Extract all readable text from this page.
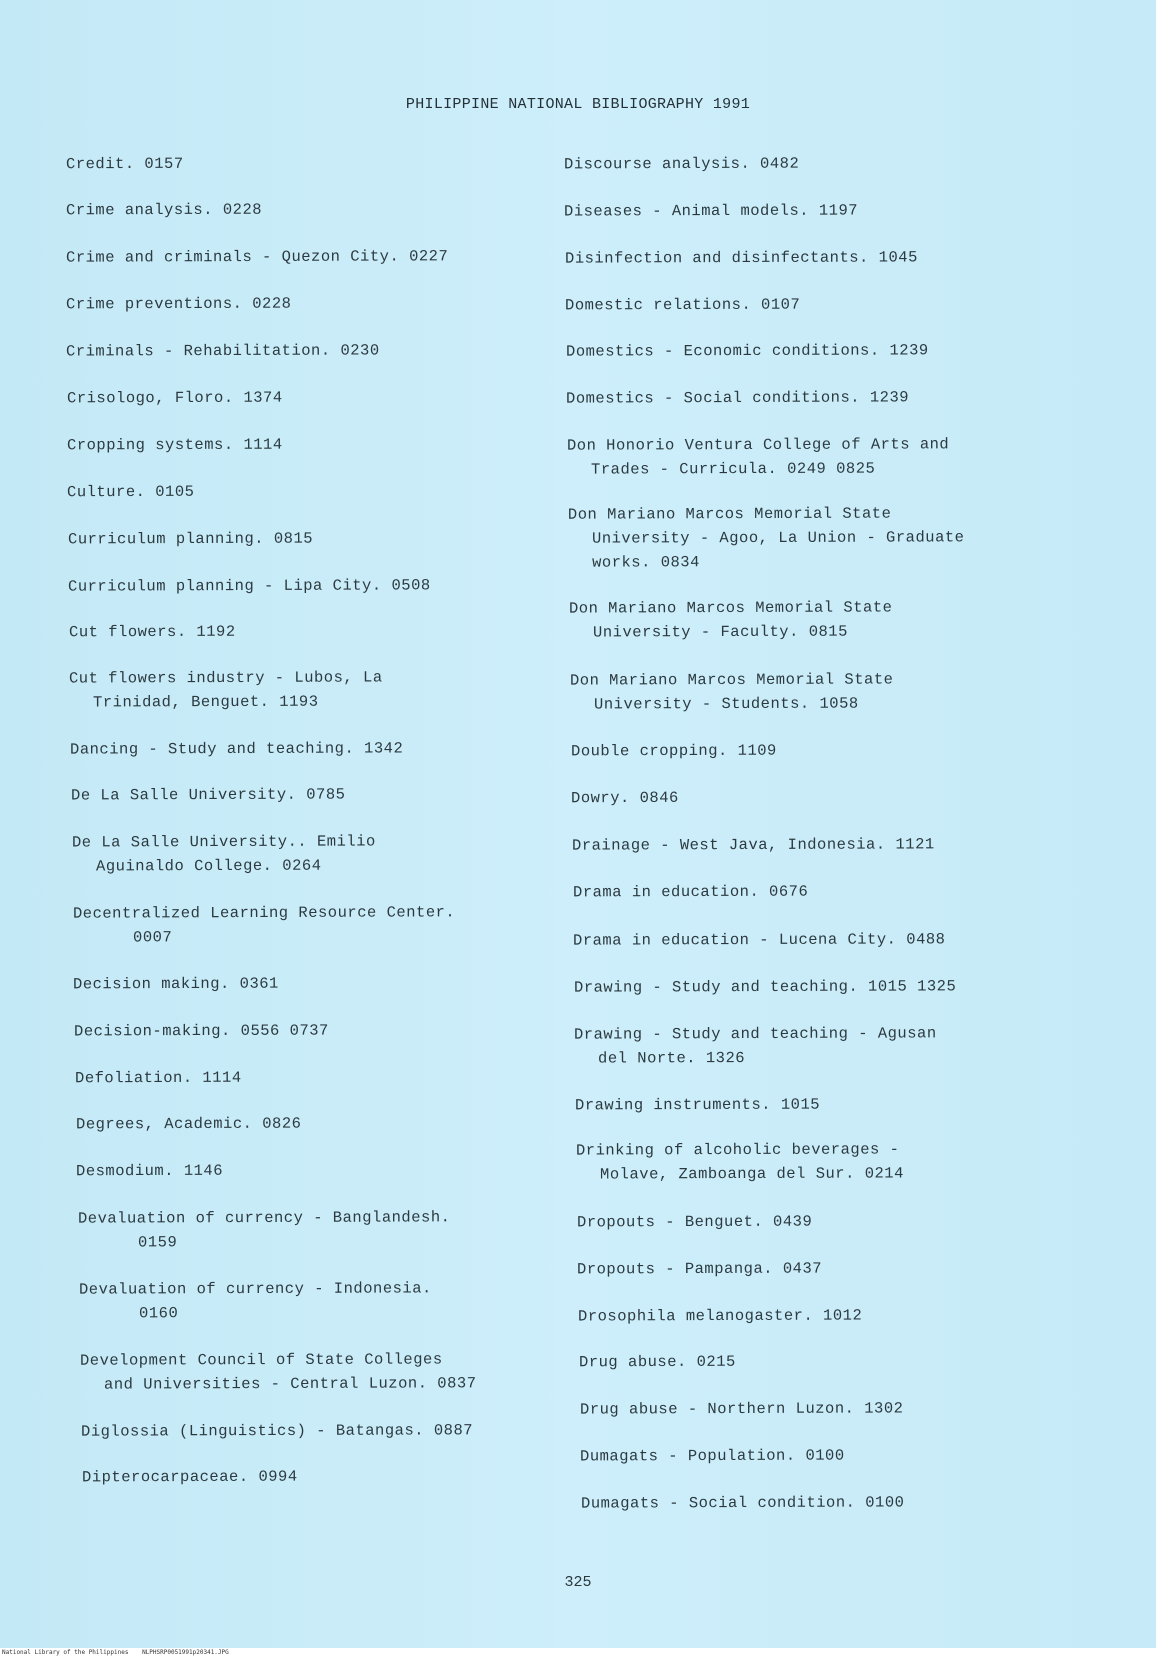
PHILIPPINE NATIONAL BIBLIOGRAPHY 1991
Credit. 0157
Crime analysis. 0228
Crime and criminals - Quezon City. 0227
Crime preventions. 0228
Criminals - Rehabilitation. 0230
Crisologo, Floro. 1374
Cropping systems. 1114
Culture. 0105
Curriculum planning. 0815
Curriculum planning - Lipa City. 0508
Cut flowers. 1192
Cut flowers industry - Lubos, La
Trinidad, Benguet. 1193
Dancing - Study and teaching. 1342
De La Salle University. 0785
De La Salle University.. Emilio
Aguinaldo College. 0264
Decentralized Learning Resource Center.
0007
Decision making. 0361
Decision-making. 0556 0737
Defoliation. 1114
Degrees, Academic. 0826
Desmodium. 1146
Devaluation of currency - Banglandesh.
0159
Devaluation of currency - Indonesia.
0160
Development Council of State Colleges
and Universities - Central Luzon. 0837
Diglossia (Linguistics) - Batangas. 0887
Dipterocarpaceae. 0994
Discourse analysis. 0482
Diseases - Animal models. 1197
Disinfection and disinfectants. 1045
Domestic relations. 0107
Domestics - Economic conditions. 1239
Domestics - Social conditions. 1239
Don Honorio Ventura College of Arts and
Trades - Curricula. 0249 0825
Don Mariano Marcos Memorial State
University - Agoo, La Union - Graduate
works. 0834
Don Mariano Marcos Memorial State
University - Faculty. 0815
Don Mariano Marcos Memorial State
University - Students. 1058
Double cropping. 1109
Dowry. 0846
Drainage - West Java, Indonesia. 1121
Drama in education. 0676
Drama in education - Lucena City. 0488
Drawing - Study and teaching. 1015 1325
Drawing - Study and teaching - Agusan
del Norte. 1326
Drawing instruments. 1015
Drinking of alcoholic beverages -
Molave, Zamboanga del Sur. 0214
Dropouts - Benguet. 0439
Dropouts - Pampanga. 0437
Drosophila melanogaster. 1012
Drug abuse. 0215
Drug abuse - Northern Luzon. 1302
Dumagats - Population. 0100
Dumagats - Social condition. 0100
325
National Library of the Philippines NLPHSRP0051991p20341.JPG
